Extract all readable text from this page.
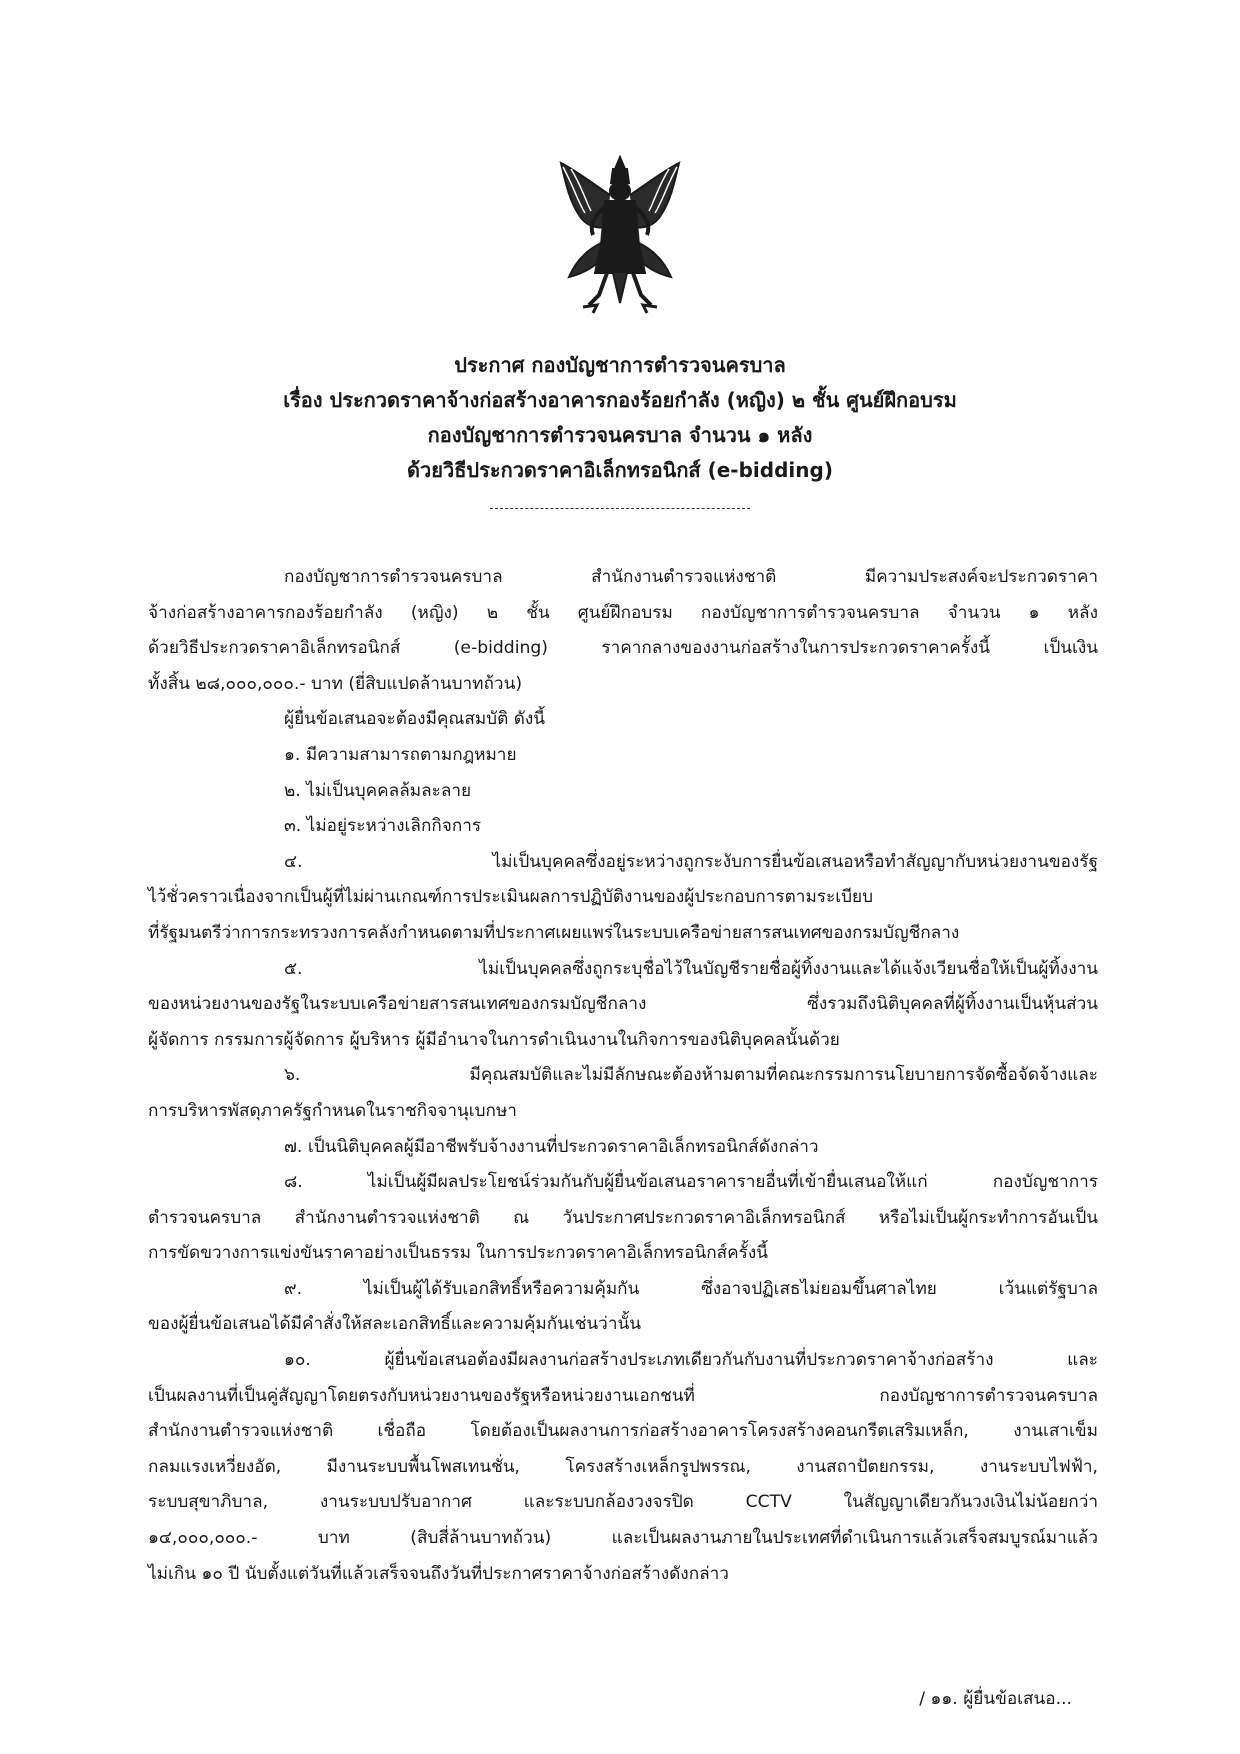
ประกาศ กองบัญชาการตำรวจนครบาล
เรื่อง ประกวดราคาจ้างก่อสร้างอาคารกองร้อยกำลัง (หญิง) ๒ ชั้น ศูนย์ฝึกอบรม
กองบัญชาการตำรวจนครบาล จำนวน ๑ หลัง
ด้วยวิธีประกวดราคาอิเล็กทรอนิกส์ (e-bidding)
กองบัญชาการตำรวจนครบาล สำนักงานตำรวจแห่งชาติ มีความประสงค์จะประกวดราคา
จ้างก่อสร้างอาคารกองร้อยกำลัง (หญิง) ๒ ชั้น ศูนย์ฝึกอบรม กองบัญชาการตำรวจนครบาล จำนวน ๑ หลัง
ด้วยวิธีประกวดราคาอิเล็กทรอนิกส์ (e-bidding) ราคากลางของงานก่อสร้างในการประกวดราคาครั้งนี้ เป็นเงิน
ทั้งสิ้น ๒๘,๐๐๐,๐๐๐.- บาท (ยี่สิบแปดล้านบาทถ้วน)
ผู้ยื่นข้อเสนอจะต้องมีคุณสมบัติ ดังนี้
๑. มีความสามารถตามกฎหมาย
๒. ไม่เป็นบุคคลล้มละลาย
๓. ไม่อยู่ระหว่างเลิกกิจการ
๔. ไม่เป็นบุคคลซึ่งอยู่ระหว่างถูกระงับการยื่นข้อเสนอหรือทำสัญญากับหน่วยงานของรัฐ
ไว้ชั่วคราวเนื่องจากเป็นผู้ที่ไม่ผ่านเกณฑ์การประเมินผลการปฏิบัติงานของผู้ประกอบการตามระเบียบ
ที่รัฐมนตรีว่าการกระทรวงการคลังกำหนดตามที่ประกาศเผยแพร่ในระบบเครือข่ายสารสนเทศของกรมบัญชีกลาง
๕. ไม่เป็นบุคคลซึ่งถูกระบุชื่อไว้ในบัญชีรายชื่อผู้ทิ้งงานและได้แจ้งเวียนชื่อให้เป็นผู้ทิ้งงาน
ของหน่วยงานของรัฐในระบบเครือข่ายสารสนเทศของกรมบัญชีกลาง ซึ่งรวมถึงนิติบุคคลที่ผู้ทิ้งงานเป็นหุ้นส่วน
ผู้จัดการ กรรมการผู้จัดการ ผู้บริหาร ผู้มีอำนาจในการดำเนินงานในกิจการของนิติบุคคลนั้นด้วย
๖. มีคุณสมบัติและไม่มีลักษณะต้องห้ามตามที่คณะกรรมการนโยบายการจัดซื้อจัดจ้างและ
การบริหารพัสดุภาครัฐกำหนดในราชกิจจานุเบกษา
๗. เป็นนิติบุคคลผู้มีอาชีพรับจ้างงานที่ประกวดราคาอิเล็กทรอนิกส์ดังกล่าว
๘. ไม่เป็นผู้มีผลประโยชน์ร่วมกันกับผู้ยื่นข้อเสนอราคารายอื่นที่เข้ายื่นเสนอให้แก่ กองบัญชาการ
ตำรวจนครบาล สำนักงานตำรวจแห่งชาติ ณ วันประกาศประกวดราคาอิเล็กทรอนิกส์ หรือไม่เป็นผู้กระทำการอันเป็น
การขัดขวางการแข่งขันราคาอย่างเป็นธรรม ในการประกวดราคาอิเล็กทรอนิกส์ครั้งนี้
๙. ไม่เป็นผู้ได้รับเอกสิทธิ์หรือความคุ้มกัน ซึ่งอาจปฏิเสธไม่ยอมขึ้นศาลไทย เว้นแต่รัฐบาล
ของผู้ยื่นข้อเสนอได้มีคำสั่งให้สละเอกสิทธิ์และความคุ้มกันเช่นว่านั้น
๑๐. ผู้ยื่นข้อเสนอต้องมีผลงานก่อสร้างประเภทเดียวกันกับงานที่ประกวดราคาจ้างก่อสร้าง และ
เป็นผลงานที่เป็นคู่สัญญาโดยตรงกับหน่วยงานของรัฐหรือหน่วยงานเอกชนที่ กองบัญชาการตำรวจนครบาล
สำนักงานตำรวจแห่งชาติ เชื่อถือ โดยต้องเป็นผลงานการก่อสร้างอาคารโครงสร้างคอนกรีตเสริมเหล็ก, งานเสาเข็ม
กลมแรงเหวี่ยงอัด, มีงานระบบพื้นโพสเทนชั่น, โครงสร้างเหล็กรูปพรรณ, งานสถาปัตยกรรม, งานระบบไฟฟ้า,
ระบบสุขาภิบาล, งานระบบปรับอากาศ และระบบกล้องวงจรปิด CCTV ในสัญญาเดียวกันวงเงินไม่น้อยกว่า
๑๔,๐๐๐,๐๐๐.- บาท (สิบสี่ล้านบาทถ้วน) และเป็นผลงานภายในประเทศที่ดำเนินการแล้วเสร็จสมบูรณ์มาแล้ว
ไม่เกิน ๑๐ ปี นับตั้งแต่วันที่แล้วเสร็จจนถึงวันที่ประกาศราคาจ้างก่อสร้างดังกล่าว
/ ๑๑. ผู้ยื่นข้อเสนอ...
